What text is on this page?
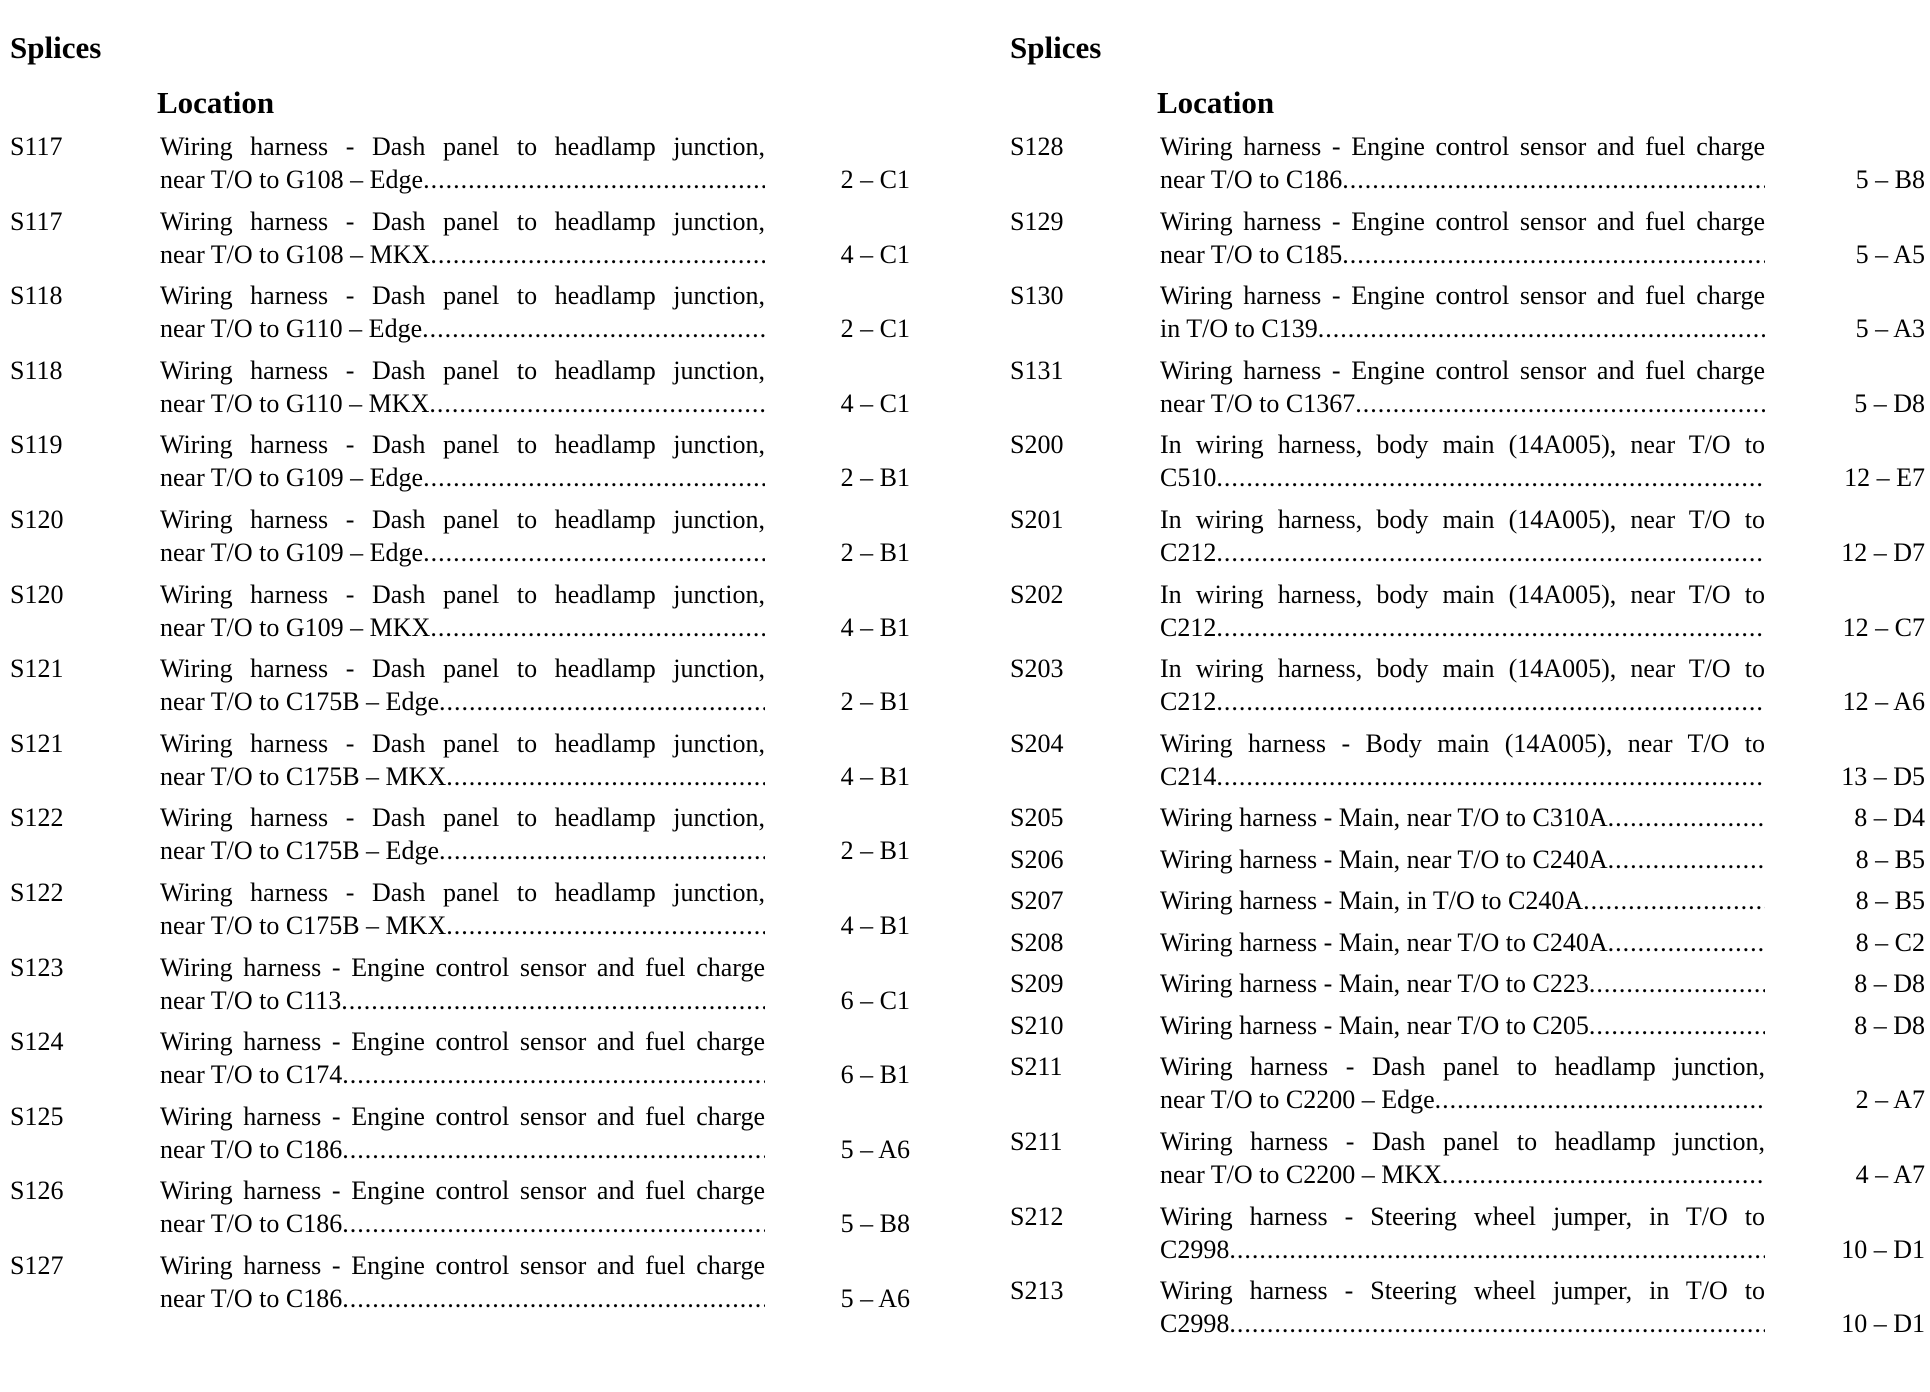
Splices
Location
S117	Wiring harness - Dash panel to headlamp junction,
near T/O to G108 – Edge .....	2 – C1
S117	Wiring harness - Dash panel to headlamp junction,
near T/O to G108 – MKX .....	4 – C1
S118	Wiring harness - Dash panel to headlamp junction,
near T/O to G110 – Edge .....	2 – C1
S118	Wiring harness - Dash panel to headlamp junction,
near T/O to G110 – MKX .....	4 – C1
S119	Wiring harness - Dash panel to headlamp junction,
near T/O to G109 – Edge .....	2 – B1
S120	Wiring harness - Dash panel to headlamp junction,
near T/O to G109 – Edge .....	2 – B1
S120	Wiring harness - Dash panel to headlamp junction,
near T/O to G109 – MKX .....	4 – B1
S121	Wiring harness - Dash panel to headlamp junction,
near T/O to C175B – Edge .....	2 – B1
S121	Wiring harness - Dash panel to headlamp junction,
near T/O to C175B – MKX .....	4 – B1
S122	Wiring harness - Dash panel to headlamp junction,
near T/O to C175B – Edge .....	2 – B1
S122	Wiring harness - Dash panel to headlamp junction,
near T/O to C175B – MKX .....	4 – B1
S123	Wiring harness - Engine control sensor and fuel charge
near T/O to C113 .....	6 – C1
S124	Wiring harness - Engine control sensor and fuel charge
near T/O to C174 .....	6 – B1
S125	Wiring harness - Engine control sensor and fuel charge
near T/O to C186 .....	5 – A6
S126	Wiring harness - Engine control sensor and fuel charge
near T/O to C186 .....	5 – B8
S127	Wiring harness - Engine control sensor and fuel charge
near T/O to C186 .....	5 – A6
Splices
Location
S128	Wiring harness - Engine control sensor and fuel charge
near T/O to C186 .....	5 – B8
S129	Wiring harness - Engine control sensor and fuel charge
near T/O to C185 .....	5 – A5
S130	Wiring harness - Engine control sensor and fuel charge
in T/O to C139 .....	5 – A3
S131	Wiring harness - Engine control sensor and fuel charge
near T/O to C1367 .....	5 – D8
S200	In wiring harness, body main (14A005), near T/O to
C510 .....	12 – E7
S201	In wiring harness, body main (14A005), near T/O to
C212 .....	12 – D7
S202	In wiring harness, body main (14A005), near T/O to
C212 .....	12 – C7
S203	In wiring harness, body main (14A005), near T/O to
C212 .....	12 – A6
S204	Wiring harness - Body main (14A005), near T/O to
C214 .....	13 – D5
S205	Wiring harness - Main, near T/O to C310A .....	8 – D4
S206	Wiring harness - Main, near T/O to C240A .....	8 – B5
S207	Wiring harness - Main, in T/O to C240A .....	8 – B5
S208	Wiring harness - Main, near T/O to C240A .....	8 – C2
S209	Wiring harness - Main, near T/O to C223 .....	8 – D8
S210	Wiring harness - Main, near T/O to C205 .....	8 – D8
S211	Wiring harness - Dash panel to headlamp junction,
near T/O to C2200 – Edge .....	2 – A7
S211	Wiring harness - Dash panel to headlamp junction,
near T/O to C2200 – MKX .....	4 – A7
S212	Wiring harness - Steering wheel jumper, in T/O to
C2998 .....	10 – D1
S213	Wiring harness - Steering wheel jumper, in T/O to
C2998 .....	10 – D1
